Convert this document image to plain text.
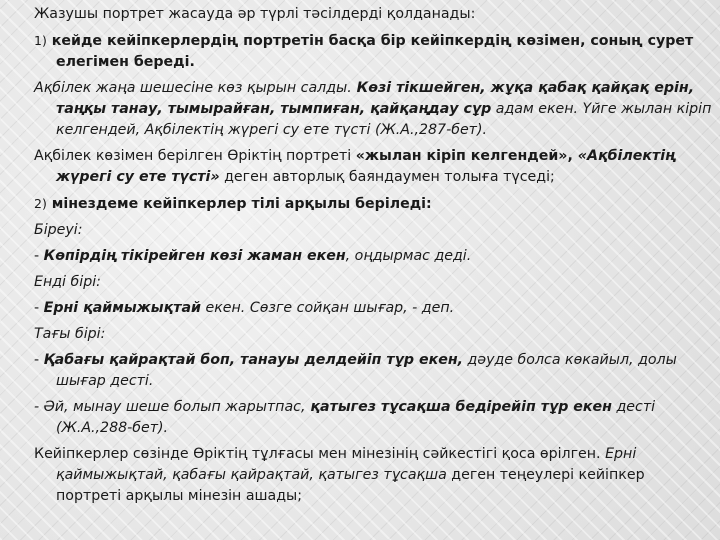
Жазушы портрет жасауда әр түрлі тәсілдерді қолданады:

1) кейде кейіпкерлердің портретін басқа бір кейіпкердің көзімен, соның сурет елегімен береді.

Ақбілек жаңа шешесіне көз қырын салды. Көзі тікшейген, жұқа қабақ қайқақ ерін, таңқы танау, тымырайған, тымпиған, қайқаңдау сұр адам екен. Үйге жылан кіріп келгендей, Ақбілектің жүрегі су ете түсті (Ж.А.,287-бет).

Ақбілек көзімен берілген Өріктің портреті «жылан кіріп келгендей», «Ақбілектің жүрегі су ете түсті» деген авторлық баяндаумен толыға түседі;

2) мінездеме кейіпкерлер тілі арқылы беріледі:

Біреуі:

- Көпірдің тікірейген көзі жаман екен, оңдырмас деді.

Енді бірі:

- Ерні қаймыжықтай екен. Сөзге сойқан шығар, - деп.

Тағы бірі:

- Қабағы қайрақтай боп, танауы делдейіп тұр екен, дәуде болса көкайыл, долы шығар десті.

- Әй, мынау шеше болып жарытпас, қатыгез тұсақша бедірейіп тұр екен десті (Ж.А.,288-бет).

Кейіпкерлер сөзінде Өріктің тұлғасы мен мінезінің сәйкестігі қоса өрілген. Ерні қаймыжықтай, қабағы қайрақтай, қатыгез тұсақша деген теңеулері кейіпкер портреті арқылы мінезін ашады;
